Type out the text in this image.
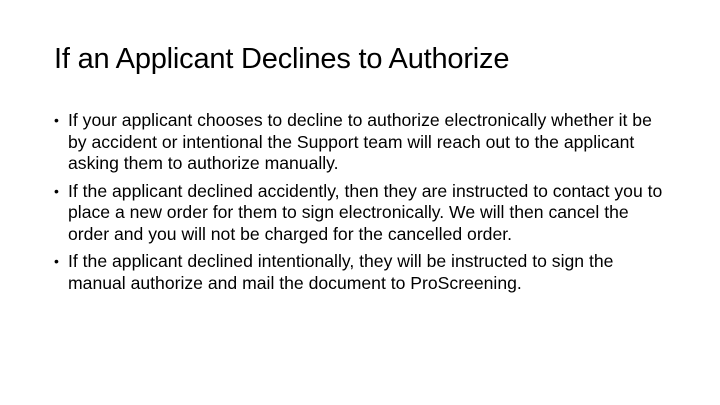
If an Applicant Declines to Authorize
• If your applicant chooses to decline to authorize electronically whether it be by accident or intentional the Support team will reach out to the applicant asking them to authorize manually.
• If the applicant declined accidently, then they are instructed to contact you to place a new order for them to sign electronically. We will then cancel the order and you will not be charged for the cancelled order.
• If the applicant declined intentionally, they will be instructed to sign the manual authorize and mail the document to ProScreening.
